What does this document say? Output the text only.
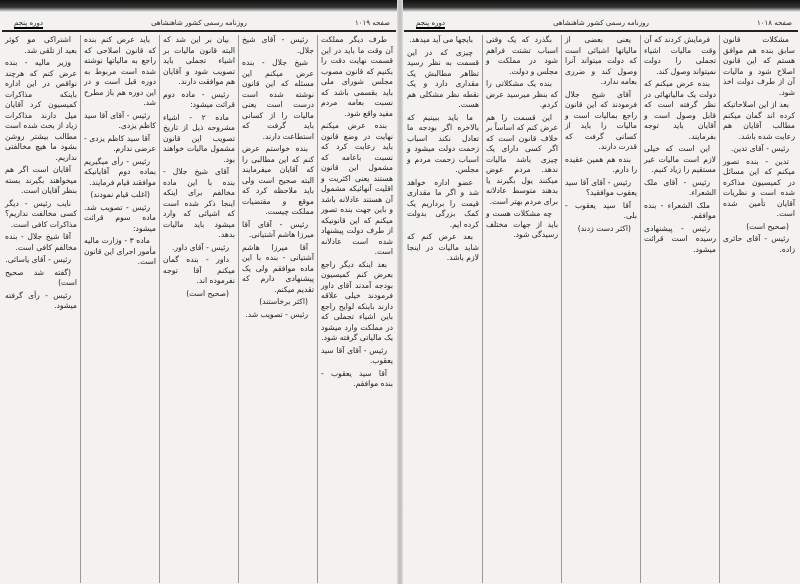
صفحه ۱۰۱۹
روزنامه رسمی کشور شاهنشاهی
دوره پنجم

طرف دیگر مملکت آن وقت ما باید در این قسمت نهایت دقت را بکنیم که قانون مصوب مجلس شورای ملی باید بقسمی باشد که نسبت بعامه مردم مفید واقع شود.

بنده عرض میکنم نهایت در وضع قانون باید رعایت کرد که نسبت باعامه که مشمول این قانون هستند یعنی اکثریت و اقلیت آنهائیکه مشمول آن هستند عادلانه باشد و باین جهت بنده تصور میکنم که این قانونیکه از طرف دولت پیشنهاد شده است عادلانه است.

بعد اینکه دیگر راجع بعرض کنم کمیسیون بودجه آمدند آقای داور فرمودند خیلی علاقه دارند باینکه لوایح راجع باین اشیاء تجملی که در مملکت وارد میشود یک مالیاتی گرفته شود.

رئیس - آقای آقا سید یعقوب.

آقا سید یعقوب - بنده موافقم.

رئیس - آقای شیخ جلال.

شیخ جلال - بنده عرض میکنم این مسئله که این قانون نوشته شده است درست است یعنی مالیات را از کسانی باید گرفت که استطاعت دارند.

بنده خواستم عرض کنم که این مطالبی را که آقایان میفرمایند البته صحیح است ولی باید ملاحظه کرد که موقع و مقتضیات مملکت چیست.

رئیس - آقای آقا میرزا هاشم آشتیانی.

آقا میرزا هاشم آشتیانی - بنده با این ماده موافقم ولی یک پیشنهادی دارم که تقدیم میکنم.

(اکثر برخاستند)

رئیس - تصویب شد.

بیان بر این شد که البته قانون مالیات بر اشیاء تجملی باید تصویب شود و آقایان هم موافقت دارند.

رئیس - ماده دوم قرائت میشود:

ماده ۲ - اشیاء مشروحه ذیل از تاریخ تصویب این قانون مشمول مالیات خواهند بود.

آقای شیخ جلال - بنده با این ماده مخالفم برای اینکه اینجا ذکر شده است که اشیائی که وارد میشود باید مالیات بدهد.

رئیس - آقای داور.

داور - بنده گمان میکنم آقا توجه نفرموده اند.

(صحیح است)

باید عرض کنم بنده که قانون اصلاحی که راجع به مالیاتها نوشته شده است مربوط به دوره قبل است و در این دوره هم باز مطرح شد.

رئیس - آقای آقا سید کاظم یزدی.

آقا سید کاظم یزدی - عرضی ندارم.

رئیس - رأی میگیریم بماده دوم آقایانیکه موافقند قیام فرمایند.

(اغلب قیام نمودند)

رئیس - تصویب شد. ماده سوم قرائت میشود:

ماده ۳ - وزارت مالیه مأمور اجرای این قانون است.

اشتراکی مو کوثر بعید از تلقی شد.

وزیر مالیه - بنده عرض کنم که هرچند نواقص در این اداره باینکه مذاکرات کمیسیون کرد آقایان میل دارند مذاکرات زیاد از بحث شده است مطالب بیشتر روشن بشود ما هیچ مخالفتی نداریم.

آقایان است اگر هم میخواهند بگیرند بسته بنظر آقایان است.

نایب رئیس - دیگر کسی مخالفت نداریم؟ مذاکرات کافی است.

آقا شیخ جلال - بنده مخالفم کافی است.

رئیس - آقای یاسائی.

(گفته شد صحیح است)

رئیس - رأی گرفته میشود.

صفحه ۱۰۱۸
روزنامه رسمی کشور شاهنشاهی
دوره پنجم

مشکلات قانون سابق بنده هم موافق هستم که این قانون اصلاح شود و مالیات آن از طرف دولت اخذ شود.

بعد از این اصلاحاتیکه کرده اند گمان میکنم مطالب آقایان هم رعایت شده باشد.

رئیس - آقای تدین.

تدین - بنده تصور میکنم که این مسائل در کمیسیون مذاکره شده است و نظریات آقایان تأمین شده است.

(صحیح است)

رئیس - آقای حائری زاده.

فرمایش کردند که آن وقت مالیات اشیاء تجملی را دولت نمیتواند وصول کند.

بنده عرض میکنم که دولت یک مالیاتهائی در نظر گرفته است که قابل وصول است و آقایان باید توجه بفرمایند.

این است که خیلی لازم است مالیات غیر مستقیم را زیاد کنیم.

رئیس - آقای ملک الشعراء.

ملک الشعراء - بنده موافقم.

رئیس - پیشنهادی رسیده است قرائت میشود.

یعنی بعضی از مالیاتها اشیائی است که دولت میتواند آنرا وصول کند و ضرری بعامه ندارد.

آقای شیخ جلال فرمودند که این قانون راجع بمالیات است و مالیات را باید از کسانی گرفت که قدرت دارند.

بنده هم همین عقیده را دارم.

رئیس - آقای آقا سید یعقوب موافقید؟

آقا سید یعقوب - بلی.

(اکثر دست زدند)

بگذرد که یک وقتی اسباب تشتت فراهم شود در مملکت و مجلس و دولت.

بنده یک مشکلاتی را که بنظر میرسید عرض کردم.

این قسمت را هم عرض کنم که اساساً بر خلاف قانون است که اگر کسی دارای یک چیزی باشد مالیات ندهد. مردم عوض میکنند یول بگیرند یا بدهند متوسط عادلانه برای مردم بهتر است.

چه مشکلات هست و باید از جهات مختلف رسیدگی شود.

بایجها می آید میدهد.

چیزی که در این قسمت به نظر رسید تظاهر مطالبش یک مقداری دارد و یک نقطه نظر مشکلی هم هست.

ما باید ببینیم که بالاخره اگر بودجه ما تعادل نکند اسباب زحمت دولت میشود و اسباب زحمت مردم و مجلس.

عضو اداره خواهد شد و اگر ما مقداری قیمت را برداریم یک کمک بزرگی بدولت کرده ایم.

بعد عرض کنم که شاید مالیات در اینجا لازم باشد.
